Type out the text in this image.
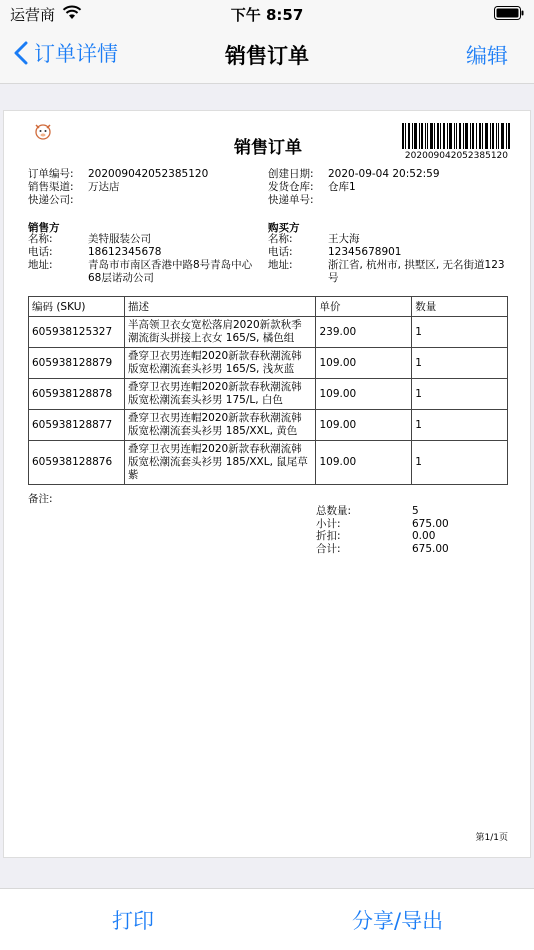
运营商	下午 8:57
订单详情	销售订单	编辑
销售订单	202009042052385120
订单编号: 202009042052385120
销售渠道: 万达店
快递公司:
创建日期: 2020-09-04 20:52:59
发货仓库: 仓库1
快递单号:
销售方
名称:	美特服装公司
电话:	18612345678
地址:	青岛市市南区香港中路8号青岛中心
68层诺动公司
购买方
名称:	王大海
电话:	12345678901
地址:	浙江省, 杭州市, 拱墅区, 无名街道123
号
编码 (SKU)	描述	单价	数量
605938125327	半高领卫衣女宽松落肩2020新款秋季
潮流街头拼接上衣女 165/S, 橘色组	239.00	1
605938128879	叠穿卫衣男连帽2020新款春秋潮流韩
版宽松潮流套头衫男 165/S, 浅灰蓝	109.00	1
605938128878	叠穿卫衣男连帽2020新款春秋潮流韩
版宽松潮流套头衫男 175/L, 白色	109.00	1
605938128877	叠穿卫衣男连帽2020新款春秋潮流韩
版宽松潮流套头衫男 185/XXL, 黄色	109.00	1
605938128876	叠穿卫衣男连帽2020新款春秋潮流韩
版宽松潮流套头衫男 185/XXL, 鼠尾草
紫	109.00	1
备注:
总数量:	5
小计:	675.00
折扣:	0.00
合计:	675.00
第1/1页
打印	分享/导出
